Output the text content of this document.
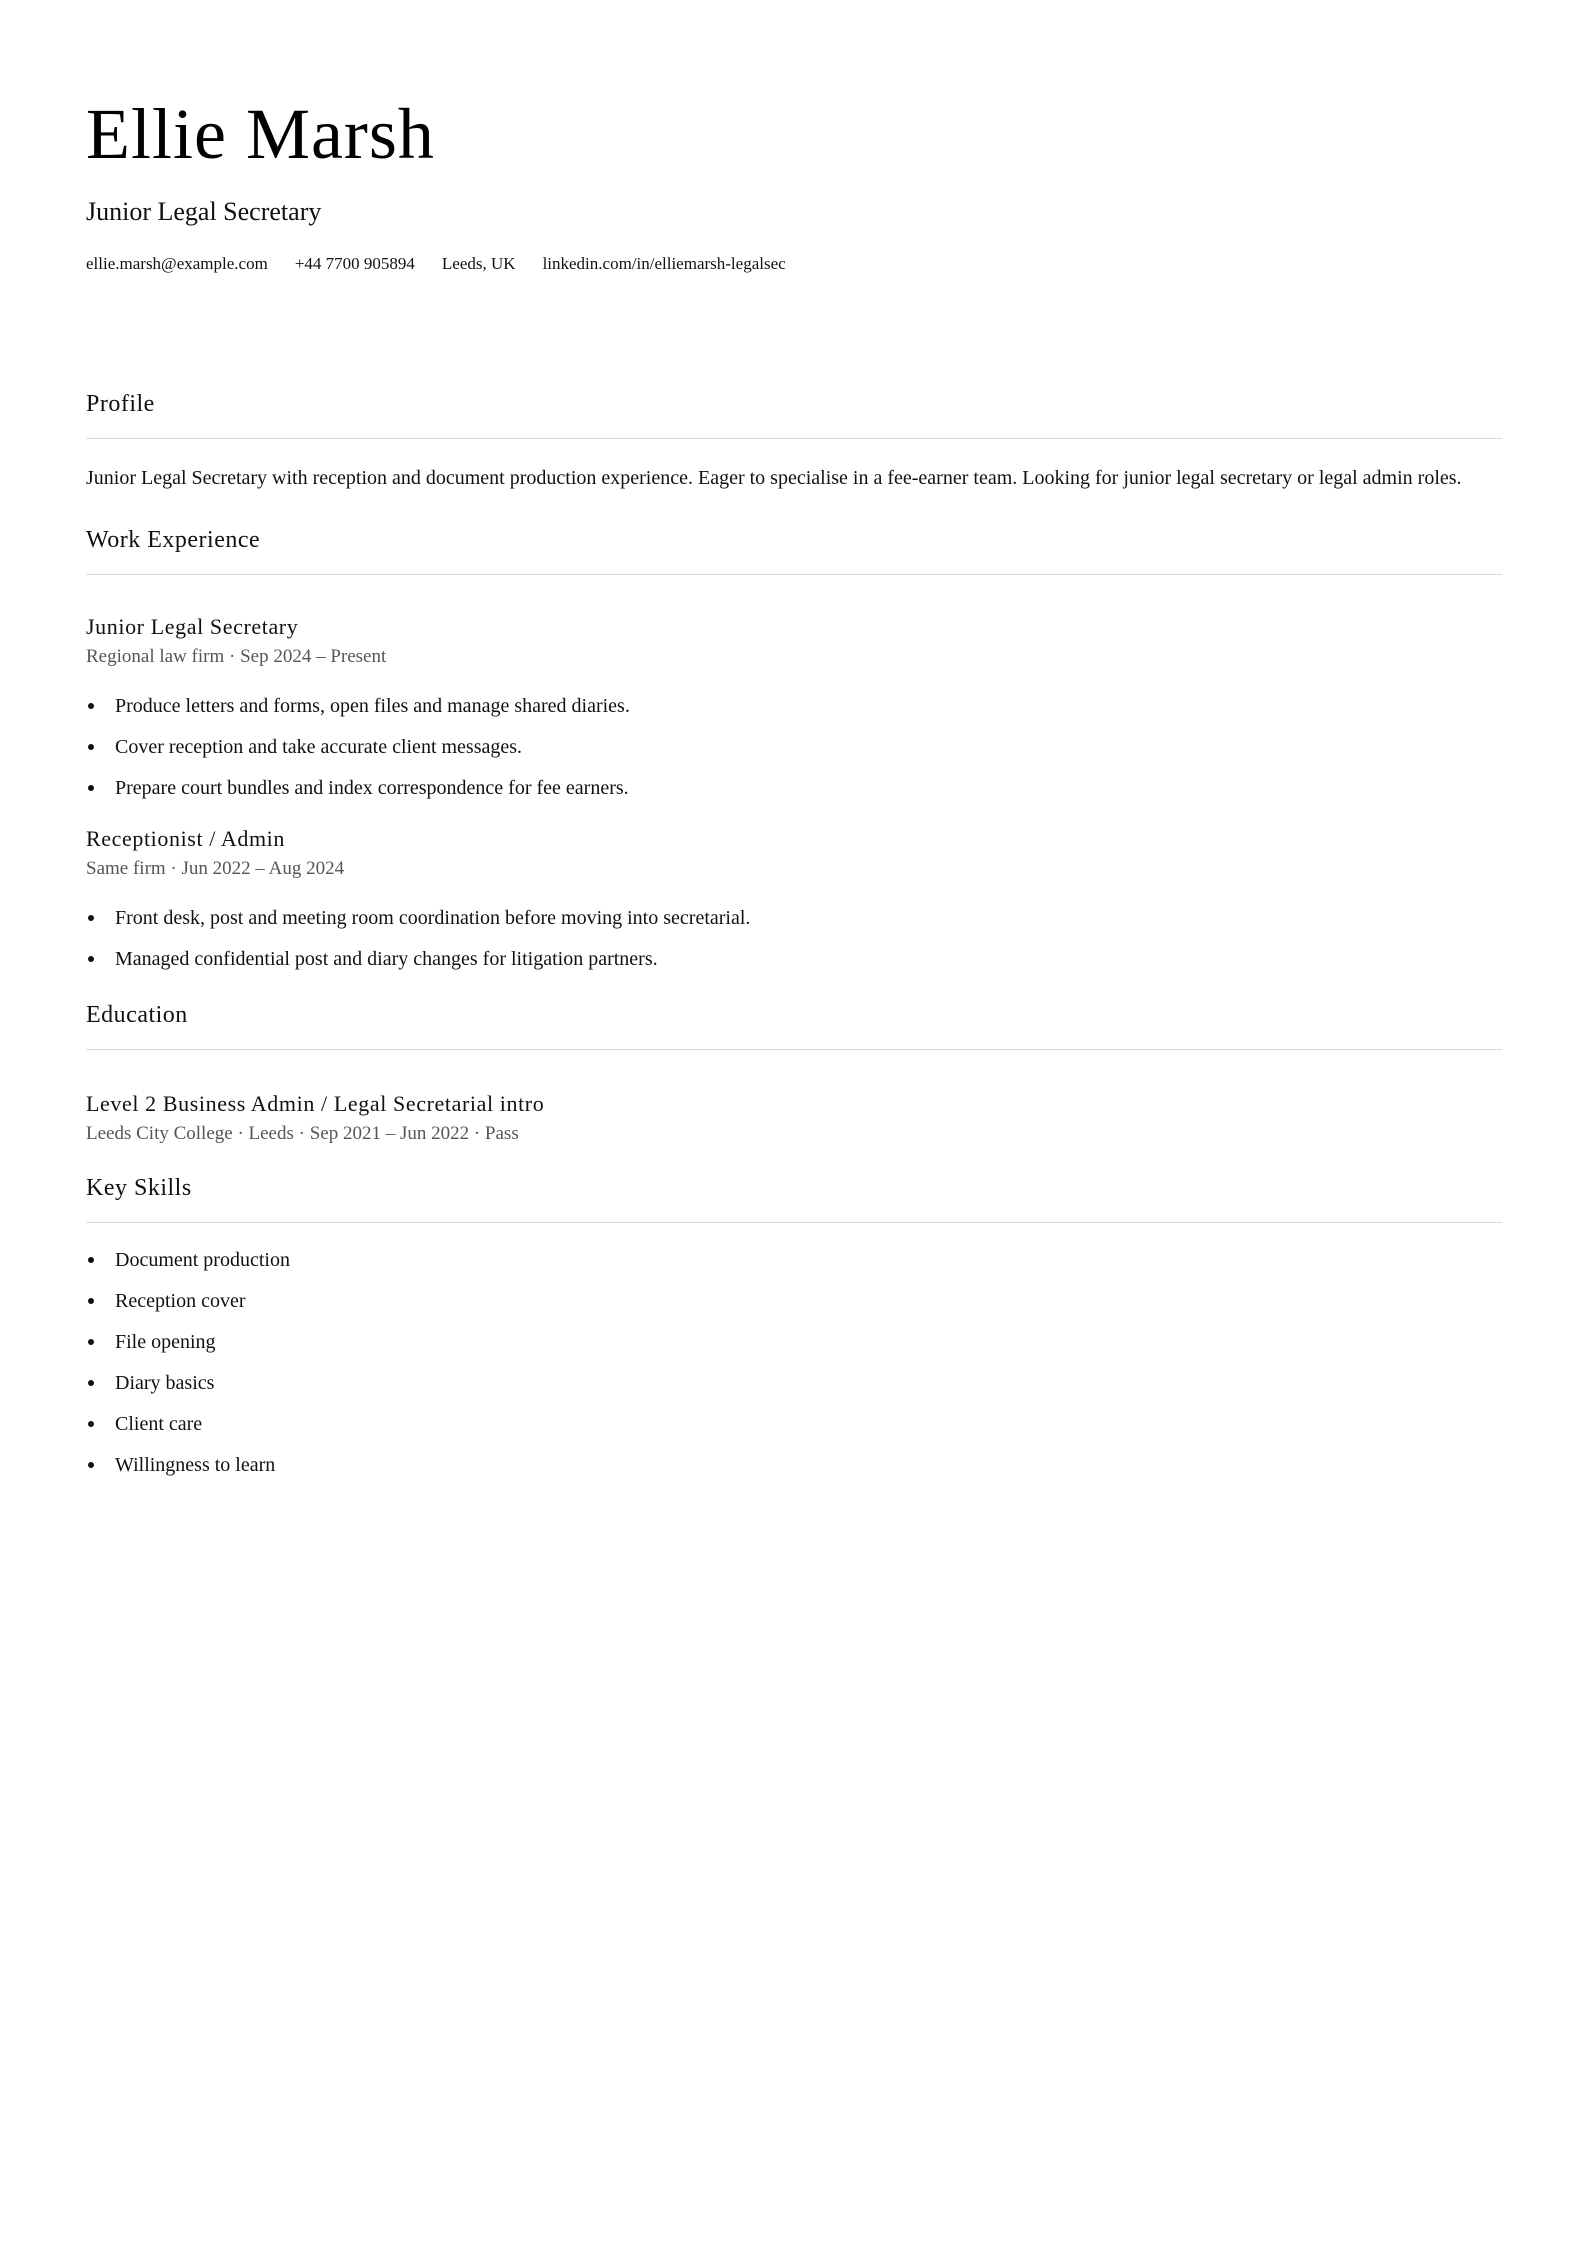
Ellie Marsh
Junior Legal Secretary
ellie.marsh@example.com +44 7700 905894 Leeds, UK linkedin.com/in/elliemarsh-legalsec
Profile

Junior Legal Secretary with reception and document production experience. Eager to specialise in a fee-earner team. Looking for junior legal secretary or legal admin roles.

Work Experience
Junior Legal Secretary
Regional law firm · Sep 2024 – Present
Produce letters and forms, open files and manage shared diaries.
Cover reception and take accurate client messages.
Prepare court bundles and index correspondence for fee earners.
Receptionist / Admin
Same firm · Jun 2022 – Aug 2024
Front desk, post and meeting room coordination before moving into secretarial.
Managed confidential post and diary changes for litigation partners.
Education
Level 2 Business Admin / Legal Secretarial intro
Leeds City College · Leeds · Sep 2021 – Jun 2022 · Pass
Key Skills
Document production
Reception cover
File opening
Diary basics
Client care
Willingness to learn
